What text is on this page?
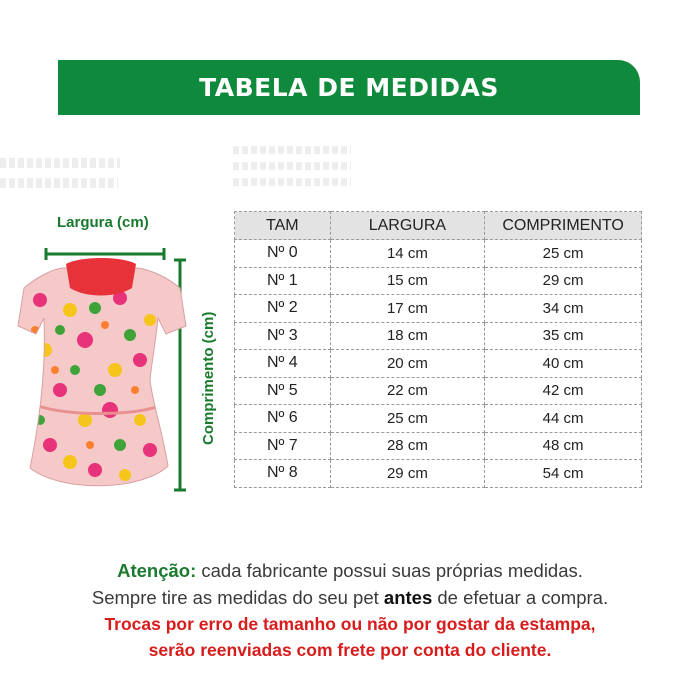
TABELA DE MEDIDAS
Largura (cm)
Comprimento (cm)
TAM	LARGURA	COMPRIMENTO
Nº 0	14 cm	25 cm
Nº 1	15 cm	29 cm
Nº 2	17 cm	34 cm
Nº 3	18 cm	35 cm
Nº 4	20 cm	40 cm
Nº 5	22 cm	42 cm
Nº 6	25 cm	44 cm
Nº 7	28 cm	48 cm
Nº 8	29 cm	54 cm
Atenção: cada fabricante possui suas próprias medidas.
Sempre tire as medidas do seu pet antes de efetuar a compra.
Trocas por erro de tamanho ou não por gostar da estampa,
serão reenviadas com frete por conta do cliente.
